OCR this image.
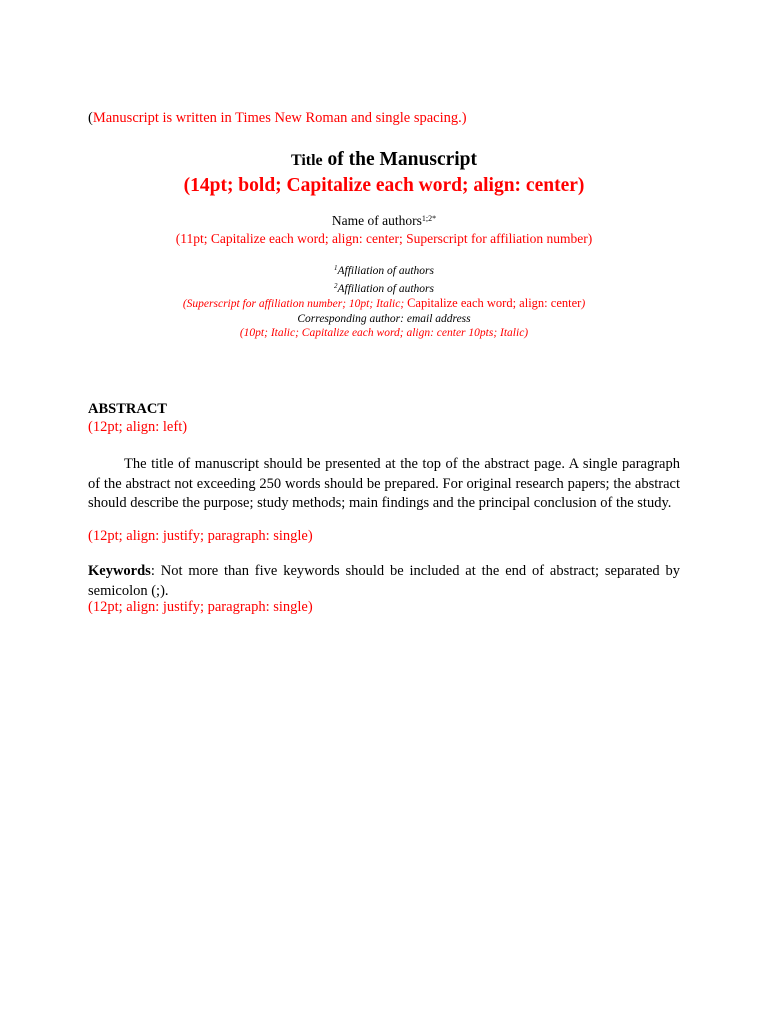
(Manuscript is written in Times New Roman and single spacing.)
Title of the Manuscript
(14pt; bold; Capitalize each word; align: center)
Name of authors$^{1;2*}$
(11pt; Capitalize each word; align: center; Superscript for affiliation number)
$^1$Affiliation of authors
$^2$Affiliation of authors
(Superscript for affiliation number; 10pt; Italic; Capitalize each word; align: center)
Corresponding author: email address
(10pt; Italic; Capitalize each word; align: center 10pts; Italic)
ABSTRACT
(12pt; align: left)

The title of manuscript should be presented at the top of the abstract page. A single paragraph of the abstract not exceeding 250 words should be prepared. For original research papers; the abstract should describe the purpose; study methods; main findings and the principal conclusion of the study.

(12pt; align: justify; paragraph: single)

Keywords: Not more than five keywords should be included at the end of abstract; separated by semicolon (;).

(12pt; align: justify; paragraph: single)
